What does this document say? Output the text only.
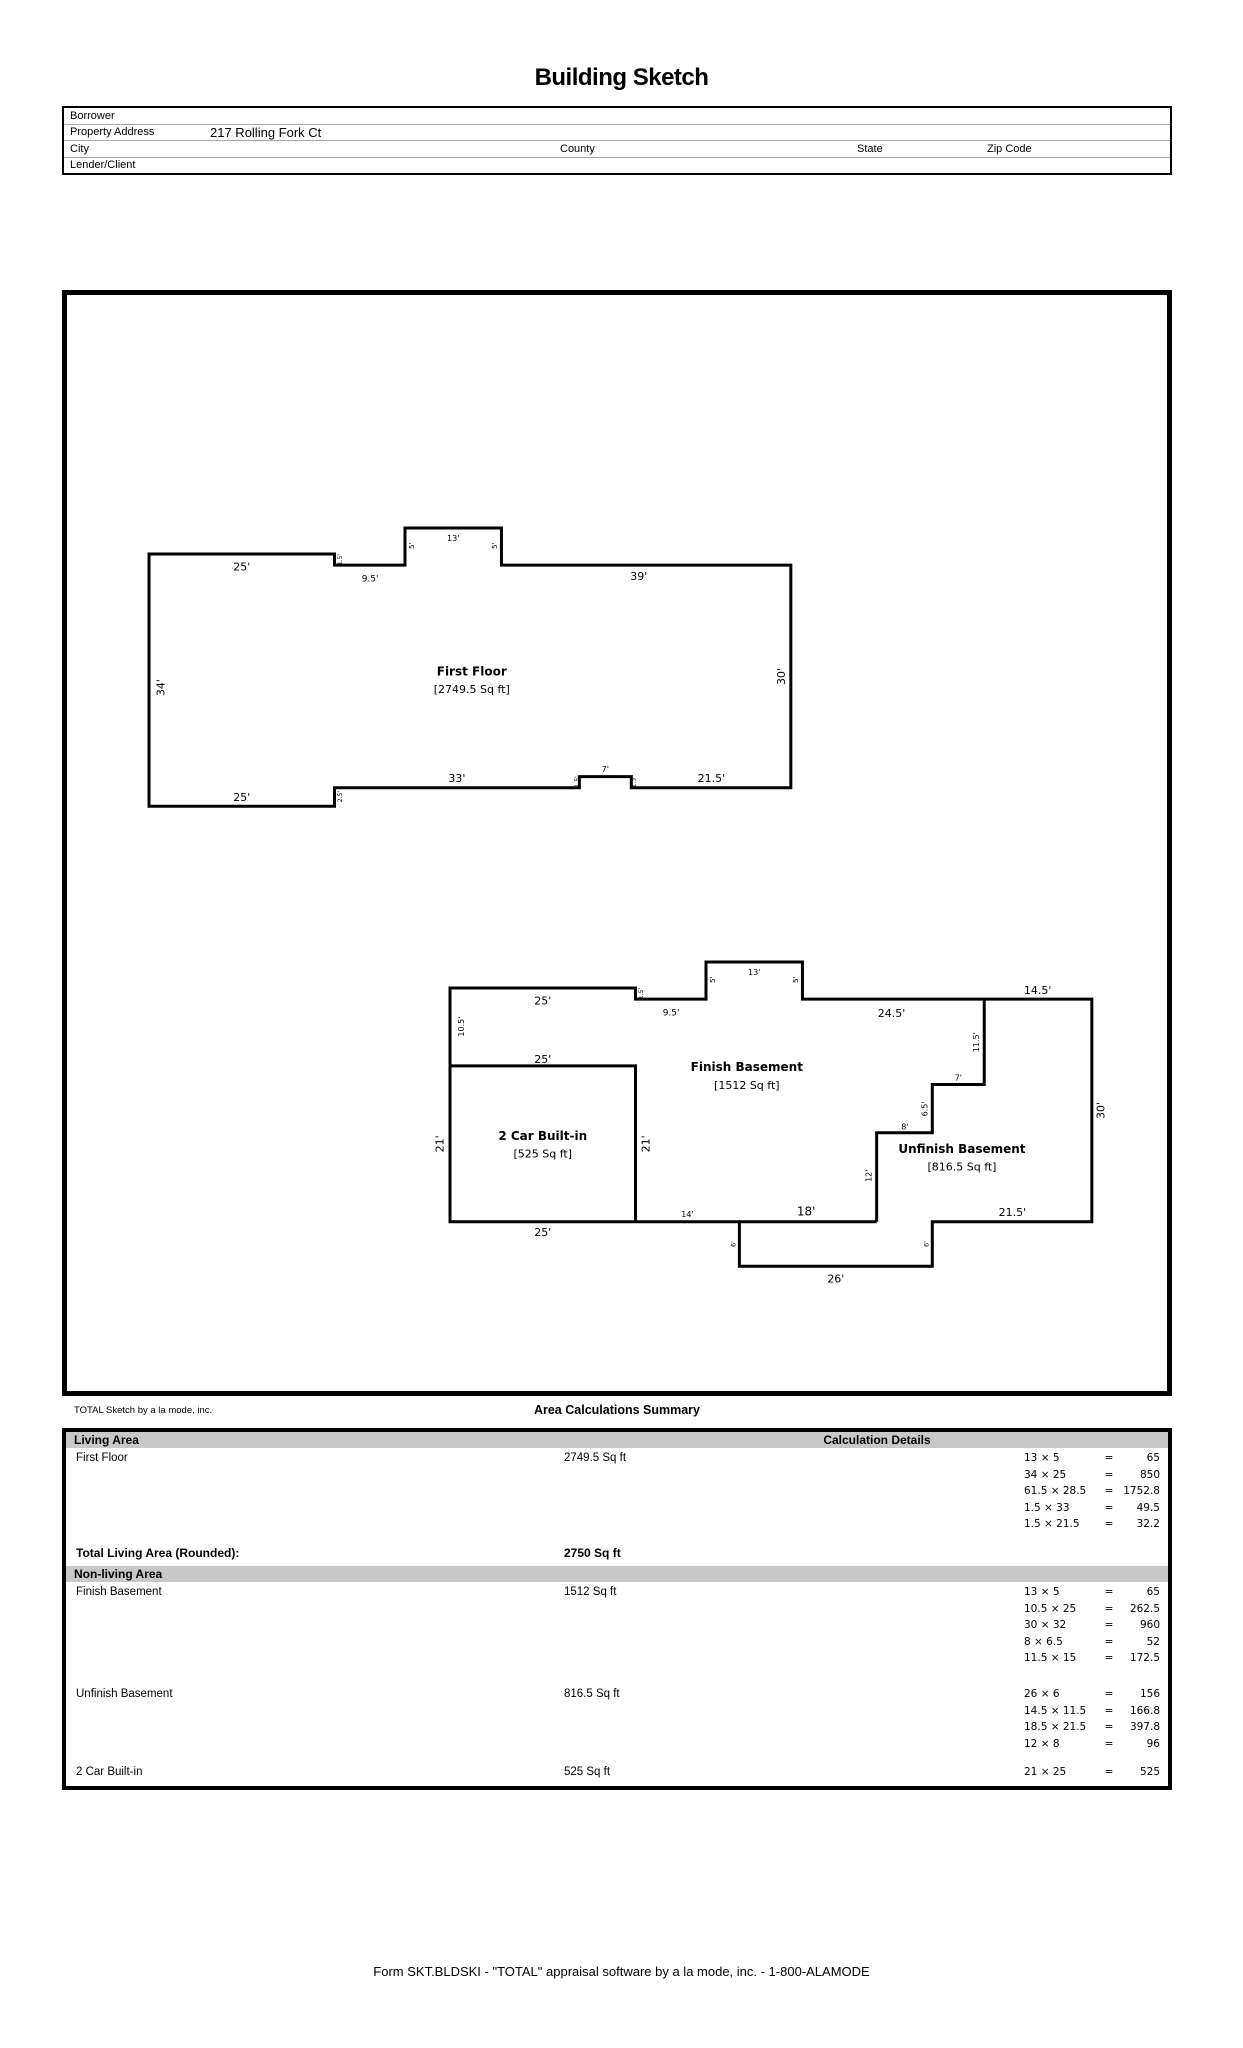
Building Sketch
Borrower
Property Address	217 Rolling Fork Ct
City	County	State	Zip Code
Lender/Client
25'
1.5'
9.5'
5'
13'
5'
39'
34'
30'
First Floor
[2749.5 Sq ft]
33'	1.5'
7'
1.5'	21.5'
25'	2.5'
25'
1.5'
9.5'
5'
13'
5'
24.5'
14.5'
10.5'
25'
21'	2 Car Built-in
[525 Sq ft]
21'
Finish Basement
[1512 Sq ft]
11.5'
7'
6.5'
8'
12'
Unfinish Basement
[816.5 Sq ft]
30'
14'	18'
25'
6'	6'
26'
21.5'
TOTAL Sketch by a la mode, inc.	Area Calculations Summary
Living Area	Calculation Details
Non-living Area
Total Living Area (Rounded):	2750 Sq ft
First Floor	2749.5 Sq ft	13 × 5	=	65
34 × 25	=	850
61.5 × 28.5	= 1752.8
1.5 × 33	=	49.5
1.5 × 21.5	=	32.2
Finish Basement	1512 Sq ft	13 × 5	=	65
10.5 × 25	=	262.5
30 × 32	=	960
8 × 6.5	=	52
11.5 × 15	=	172.5
Unfinish Basement	816.5 Sq ft	26 × 6	=	156
14.5 × 11.5	=	166.8
18.5 × 21.5	=	397.8
12 × 8	=	96
2 Car Built-in	525 Sq ft	21 × 25	=	525
Form SKT.BLDSKI - "TOTAL" appraisal software by a la mode, inc. - 1-800-ALAMODE
